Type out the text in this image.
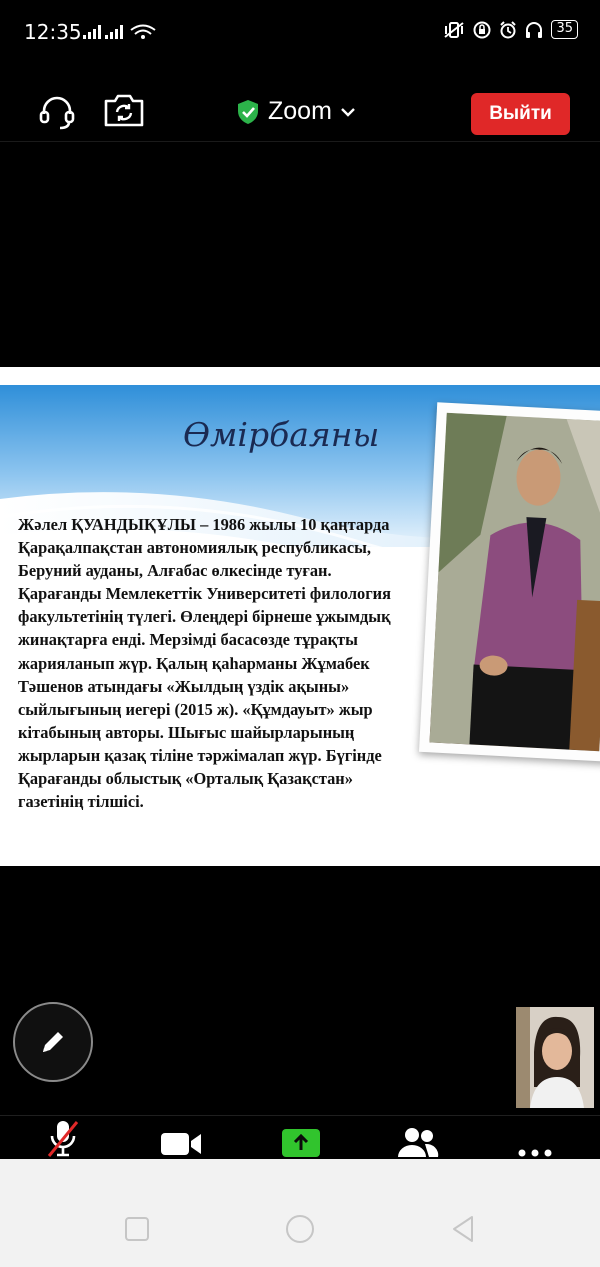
12:35	35
Zoom	Выйти
Өмірбаяны

Жәлел ҚУАНДЫҚҰЛЫ – 1986 жылы 10 қаңтарда

Қарақалпақстан автономиялық республикасы,

Беруний ауданы, Алғабас өлкесінде туған.

Қарағанды Мемлекеттік Университеті филология

факультетінің түлегі. Өлеңдері бірнеше ұжымдық

жинақтарға енді. Мерзімді басасөзде тұрақты

жарияланып жүр. Қалың қаһармaны Жұмабек

Тәшенов атындағы «Жылдың үздік ақыны»

сыйлығының иегері (2015 ж). «Құмдауыт» жыр

кітабының авторы. Шығыс шайырларының

жырларын қазақ тіліне тәржімалап жүр. Бүгінде

Қарағанды облыстық «Орталық Қазақстан»

газетінің тілшісі.
